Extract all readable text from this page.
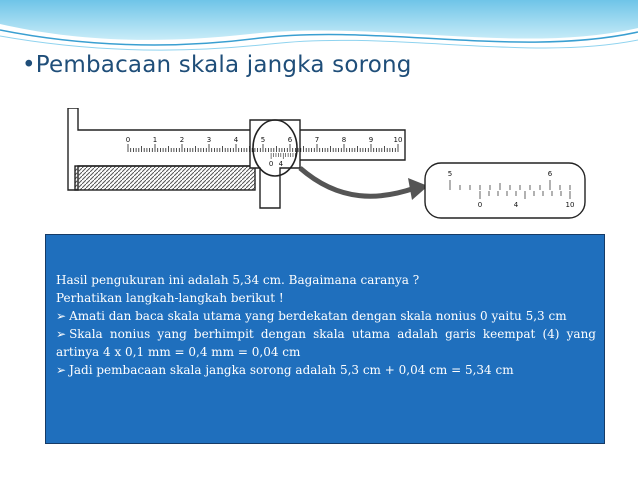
•Pembacaan skala jangka sorong
0	1	2	3	4	5	6	7	8	9	10
0 4
5	6
0	4	10

Hasil pengukuran ini adalah 5,34 cm. Bagaimana caranya ?

Perhatikan langkah-langkah berikut !

➢ Amati dan baca skala utama yang berdekatan dengan skala nonius 0 yaitu 5,3 cm

➢ Skala nonius yang berhimpit dengan skala utama adalah garis keempat (4) yang artinya 4 x 0,1 mm = 0,4 mm = 0,04 cm

➢ Jadi pembacaan skala jangka sorong adalah 5,3 cm + 0,04 cm = 5,34 cm
